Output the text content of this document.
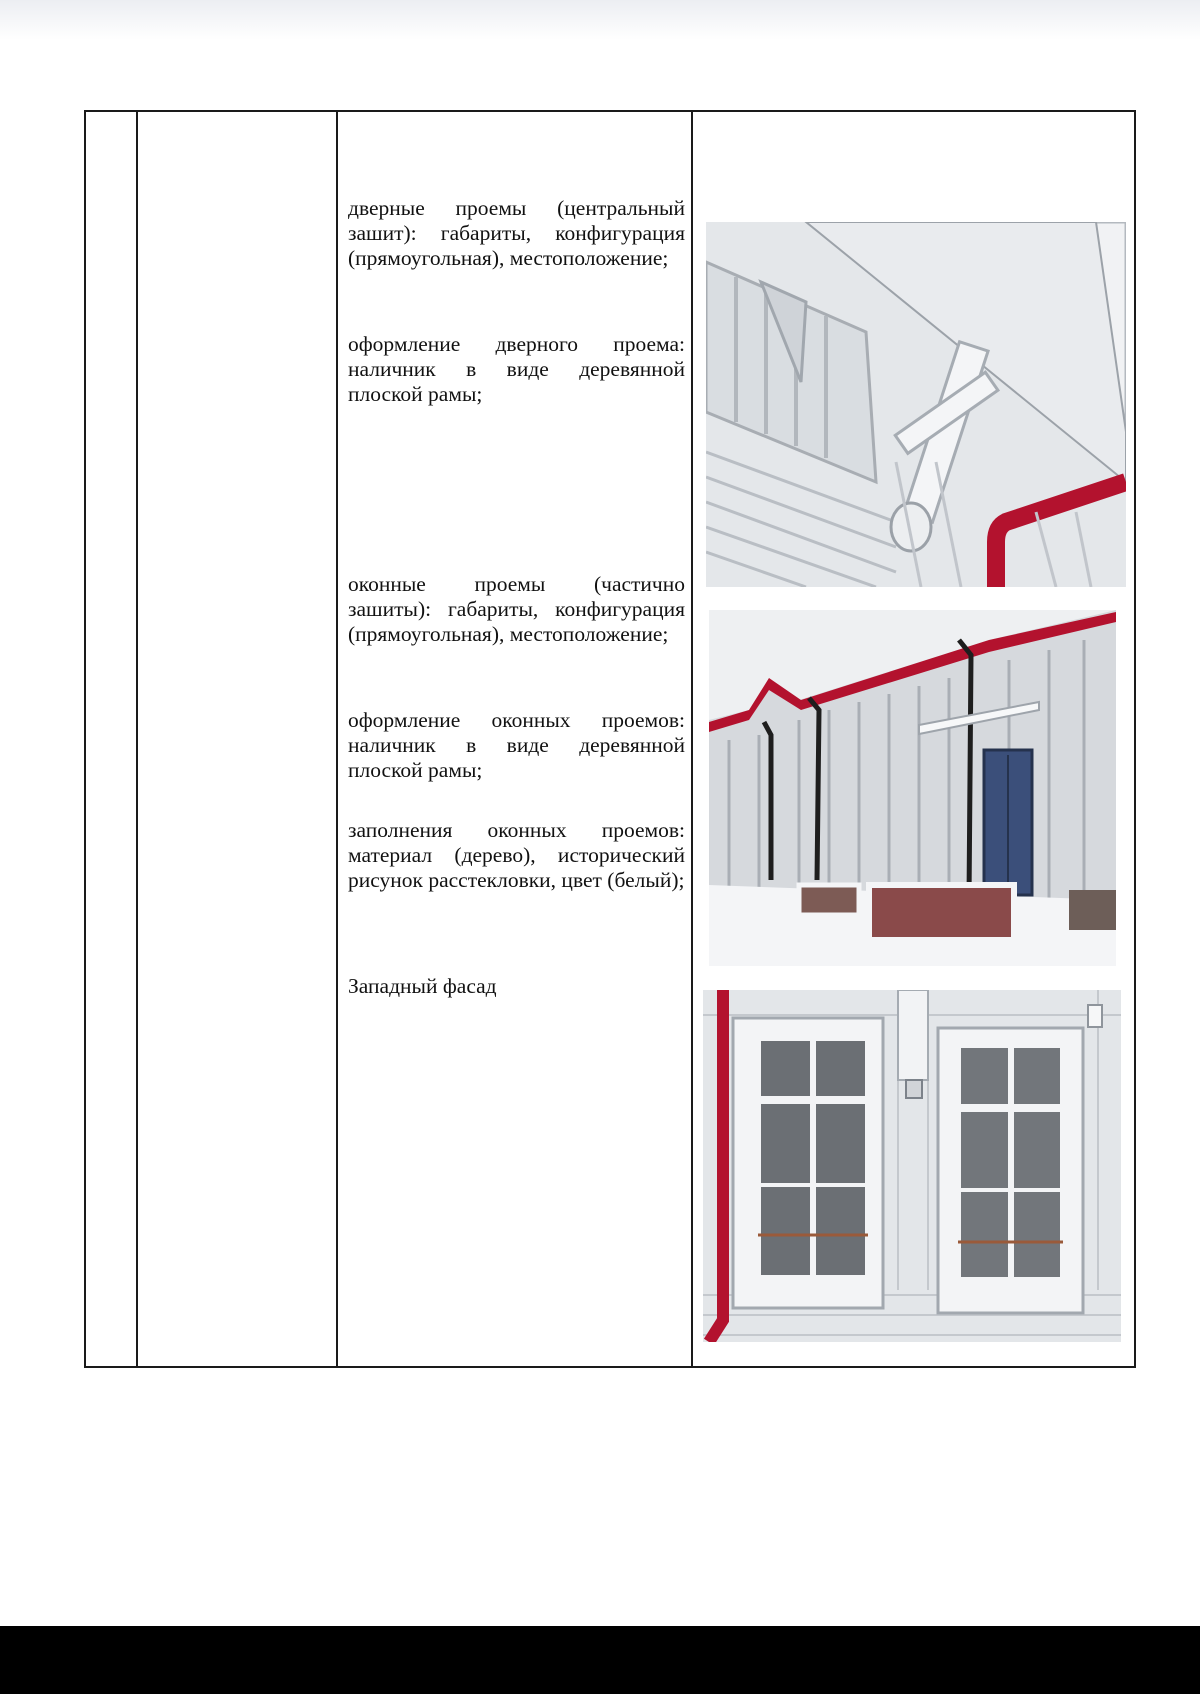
дверные проемы (центральный зашит): габариты, конфигурация (прямоугольная), местоположение;

оформление дверного проема: наличник в виде деревянной плоской рамы;

оконные проемы (частично зашиты): габариты, конфигурация (прямоугольная), местоположение;

оформление оконных проемов: наличник в виде деревянной плоской рамы;

заполнения оконных проемов: материал (дерево), исторический рисунок расстекловки, цвет (белый);

Западный фасад
